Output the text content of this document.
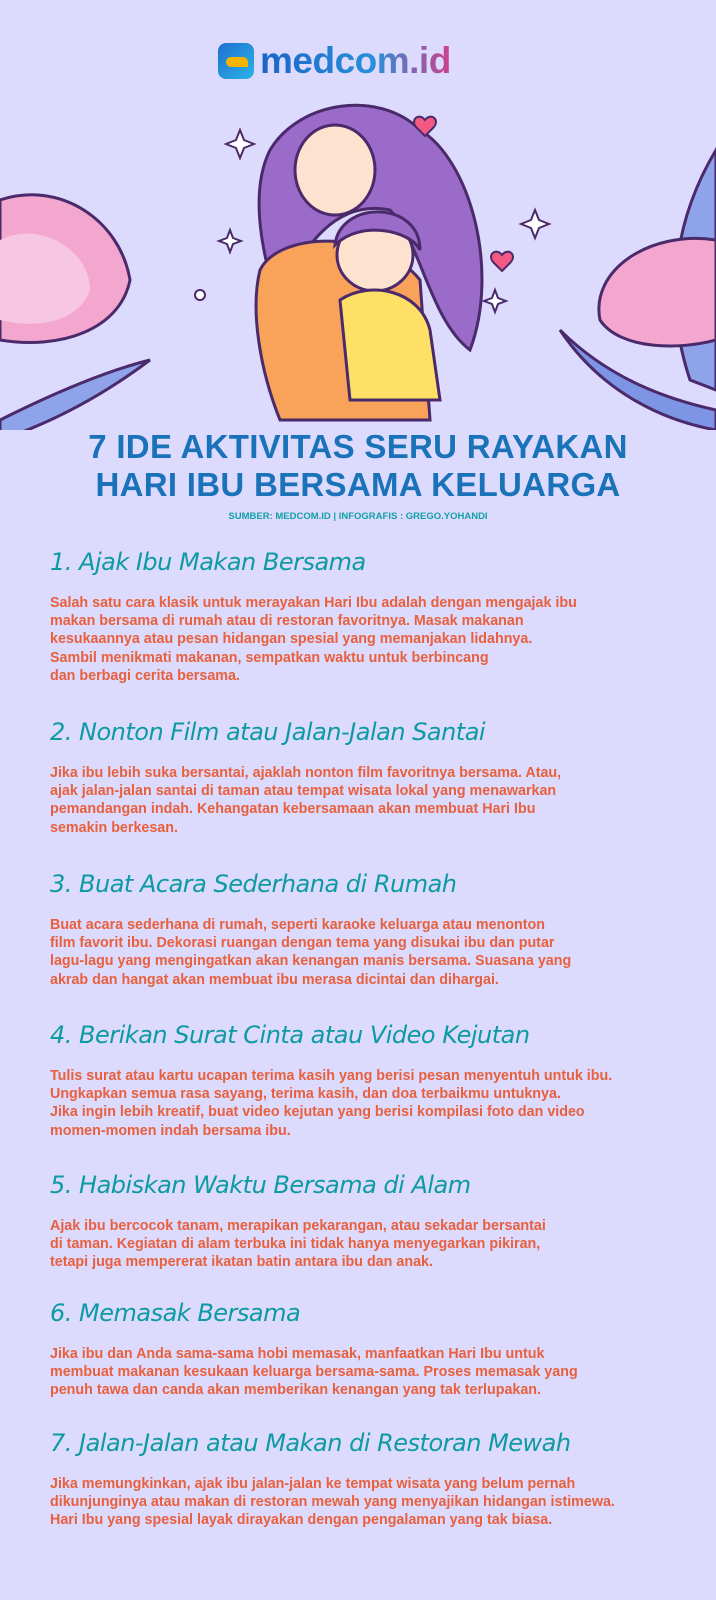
medcom.id
7 IDE AKTIVITAS SERU RAYAKAN
HARI IBU BERSAMA KELUARGA
SUMBER: MEDCOM.ID | INFOGRAFIS : GREGO.YOHANDI
1. Ajak Ibu Makan Bersama
Salah satu cara klasik untuk merayakan Hari Ibu adalah dengan mengajak ibu
makan bersama di rumah atau di restoran favoritnya. Masak makanan
kesukaannya atau pesan hidangan spesial yang memanjakan lidahnya.
Sambil menikmati makanan, sempatkan waktu untuk berbincang
dan berbagi cerita bersama.
2. Nonton Film atau Jalan-Jalan Santai
Jika ibu lebih suka bersantai, ajaklah nonton film favoritnya bersama. Atau,
ajak jalan-jalan santai di taman atau tempat wisata lokal yang menawarkan
pemandangan indah. Kehangatan kebersamaan akan membuat Hari Ibu
semakin berkesan.
3. Buat Acara Sederhana di Rumah
Buat acara sederhana di rumah, seperti karaoke keluarga atau menonton
film favorit ibu. Dekorasi ruangan dengan tema yang disukai ibu dan putar
lagu-lagu yang mengingatkan akan kenangan manis bersama. Suasana yang
akrab dan hangat akan membuat ibu merasa dicintai dan dihargai.
4. Berikan Surat Cinta atau Video Kejutan
Tulis surat atau kartu ucapan terima kasih yang berisi pesan menyentuh untuk ibu.
Ungkapkan semua rasa sayang, terima kasih, dan doa terbaikmu untuknya.
Jika ingin lebih kreatif, buat video kejutan yang berisi kompilasi foto dan video
momen-momen indah bersama ibu.
5. Habiskan Waktu Bersama di Alam
Ajak ibu bercocok tanam, merapikan pekarangan, atau sekadar bersantai
di taman. Kegiatan di alam terbuka ini tidak hanya menyegarkan pikiran,
tetapi juga mempererat ikatan batin antara ibu dan anak.
6. Memasak Bersama
Jika ibu dan Anda sama-sama hobi memasak, manfaatkan Hari Ibu untuk
membuat makanan kesukaan keluarga bersama-sama. Proses memasak yang
penuh tawa dan canda akan memberikan kenangan yang tak terlupakan.
7. Jalan-Jalan atau Makan di Restoran Mewah
Jika memungkinkan, ajak ibu jalan-jalan ke tempat wisata yang belum pernah
dikunjunginya atau makan di restoran mewah yang menyajikan hidangan istimewa.
Hari Ibu yang spesial layak dirayakan dengan pengalaman yang tak biasa.
